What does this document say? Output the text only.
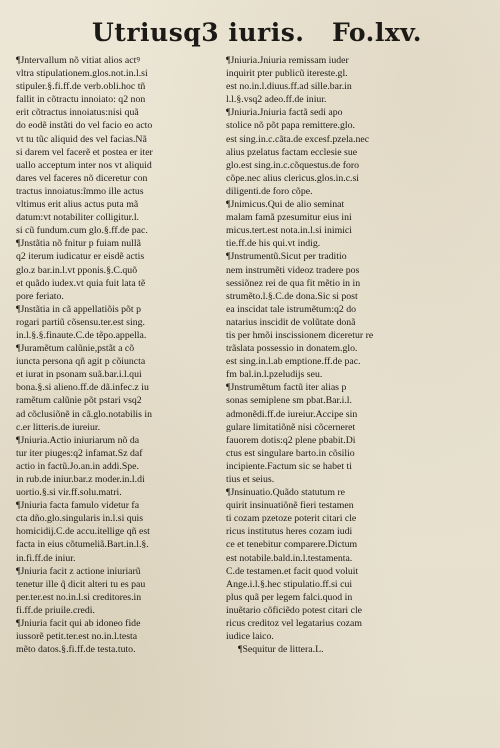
Utriusq3 iuris. Fo.lxv.
¶Jntervallum nõ vitiat alios actꝰ
vltra stipulationem.glos.not.in.l.si
stipuler.§.fi.ff.de verb.obli.hoc tñ
fallit in cõtractu innoiato: q2 non
erit cõtractus innoiatus:nisi quã
do eodẽ instãti do vel facio eo acto
vt tu tũc aliquid des vel facias.Nã
si darem vel facerẽ et postea er iter
uallo acceptum inter nos vt aliquid
dares vel faceres nõ diceretur con
tractus innoiatus:ĩmmo ille actus
vltimus erit alius actus puta mã
datum:vt notabiliter colligitur.l.
si cũ fundum.cum glo.§.ff.de pac.
¶Jnstãtia nõ fnitur p fuiam nullã
q2 iterum iudicatur er eisdẽ actis
glo.z bar.in.l.vt pponis.§.C.quõ
et quãdo iudex.vt quia fuit lata tẽ
pore feriato.
¶Jnstãtia in cã appellatiõis põt p
rogari partiũ cõsensu.ter.est sing.
in.l.§.§.finaute.C.de tẽpo.appella.
¶Juramẽtum calũnie,pstãt a cõ
iuncta persona qñ agit p cõiuncta
et iurat in psonam suã.bar.i.l.qui
bona.§.si alieno.ff.de dã.infec.z iu
ramẽtum calũnie põt pstari vsq2
ad cõclusiõnẽ in cã.glo.notabilis in
c.er litteris.de iureiur.
¶Jniuria.Actio iniuriarum nõ da
tur iter piuges:q2 infamat.Sz daf
actio in factũ.Jo.an.in addi.Spe.
in rub.de iniur.bar.z moder.in.l.di
uortio.§.si vir.ff.solu.matri.
¶Jniuria facta famulo videtur fa
cta dño.glo.singularis in.l.si quis
homicidij.C.de accu.itellige qñ est
facta in eius cõtumeliã.Bart.in.l.§.
in.fi.ff.de iniur.
¶Jniuria facit z actione iniuriarũ
tenetur ille q̃ dicit alteri tu es pau
per.ter.est no.in.l.si creditores.in
fi.ff.de priuile.credi.
¶Jniuria facit qui ab idoneo fide
iussorẽ petit.ter.est no.in.l.testa
mẽto datos.§.fi.ff.de testa.tuto.
¶Jniuria.Jniuria remissam iuder
inquirit pter publicũ itereste.gl.
est no.in.l.diuus.ff.ad sille.bar.in
l.l.§.vsq2 adeo.ff.de iniur.
¶Jniuria.Jniuria factã sedi apo
stolice nõ põt papa remittere.glo.
est sing.in.c.cãta.de excesf.pzela.nec
alius pzelatus factam ecclesie sue
glo.est sing.in.c.cõquestus.de foro
cõpe.nec alius clericus.glos.in.c.si
diligenti.de foro cõpe.
¶Jnimicus.Qui de alio seminat
malam famã pzesumitur eius ini
micus.tert.est nota.in.l.si inimici
tie.ff.de his qui.vt indig.
¶Jnstrumentũ.Sicut per traditio
nem instrumẽti videoz tradere pos
sessiõnez rei de qua fit mẽtio in in
strumẽto.l.§.C.de dona.Sic si post
ea inscidat tale istrumẽtum:q2 do
natarius inscidit de volũtate donã
tis per hmõi inscissionem diceretur re
trãslata possessio in donatem.glo.
est sing.in.l.ab emptione.ff.de pac.
fm bal.in.l.pzeludijs seu.
¶Jnstrumẽtum factũ iter alias p
sonas semiplene sm pbat.Bar.i.l.
admonẽdi.ff.de iureiur.Accipe sin
gulare limitatiõnẽ nisi cõcerneret
fauorem dotis:q2 plene pbabit.Di
ctus est singulare barto.in cõsilio
incipiente.Factum sic se habet ti
tius et seius.
¶Jnsinuatio.Quãdo statutum re
quirit insinuatiõnẽ fieri testamen
ti cozam pzetoze poterit citari cle
ricus institutus heres cozam iudi
ce et tenebitur comparere.Dictum
est notabile.bald.in.l.testamenta.
C.de testamen.et facit quod voluit
Ange.i.l.§.hec stipulatio.ff.si cui
plus quã per legem falci.quod in
inuẽtario cõficiẽdo potest citari cle
ricus creditoz vel legatarius cozam
iudice laico.
¶Sequitur de littera.L.
